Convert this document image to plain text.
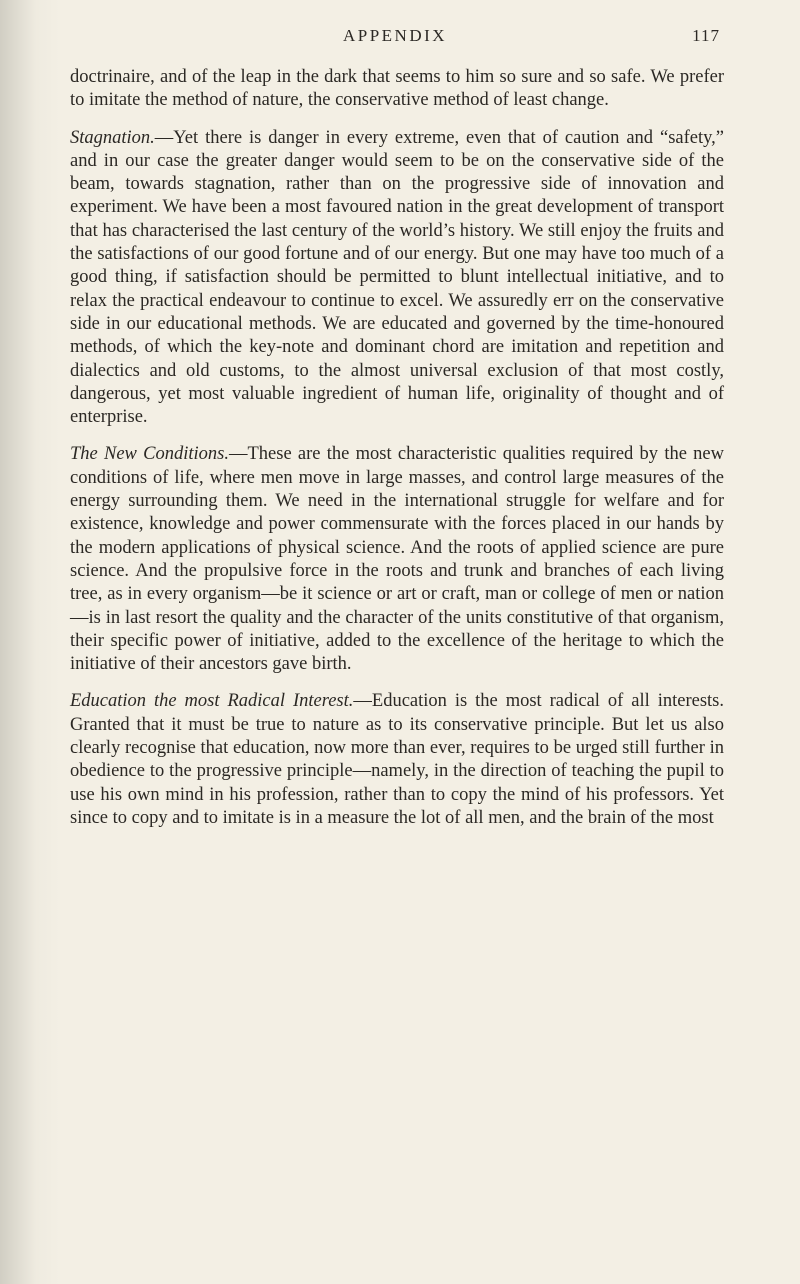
APPENDIX	117

doctrinaire, and of the leap in the dark that seems to him so sure and so safe. We prefer to imitate the method of nature, the conservative method of least change.

Stagnation.—Yet there is danger in every extreme, even that of caution and “safety,” and in our case the greater danger would seem to be on the conservative side of the beam, towards stagnation, rather than on the progressive side of innovation and experiment. We have been a most favoured nation in the great development of transport that has characterised the last century of the world’s history. We still enjoy the fruits and the satisfactions of our good fortune and of our energy. But one may have too much of a good thing, if satisfaction should be permitted to blunt intellectual initiative, and to relax the practical endeavour to continue to excel. We assuredly err on the conservative side in our educational methods. We are educated and governed by the time-honoured methods, of which the key-note and dominant chord are imitation and repetition and dialectics and old customs, to the almost universal exclusion of that most costly, dangerous, yet most valuable ingredient of human life, originality of thought and of enterprise.

The New Conditions.—These are the most characteristic qualities required by the new conditions of life, where men move in large masses, and control large measures of the energy surrounding them. We need in the international struggle for welfare and for existence, knowledge and power commensurate with the forces placed in our hands by the modern applications of physical science. And the roots of applied science are pure science. And the propulsive force in the roots and trunk and branches of each living tree, as in every organism—be it science or art or craft, man or college of men or nation—is in last resort the quality and the character of the units constitutive of that organism, their specific power of initiative, added to the excellence of the heritage to which the initiative of their ancestors gave birth.

Education the most Radical Interest.—Education is the most radical of all interests. Granted that it must be true to nature as to its conservative principle. But let us also clearly recognise that education, now more than ever, requires to be urged still further in obedience to the progressive principle—namely, in the direction of teaching the pupil to use his own mind in his profession, rather than to copy the mind of his professors. Yet since to copy and to imitate is in a measure the lot of all men, and the brain of the most
